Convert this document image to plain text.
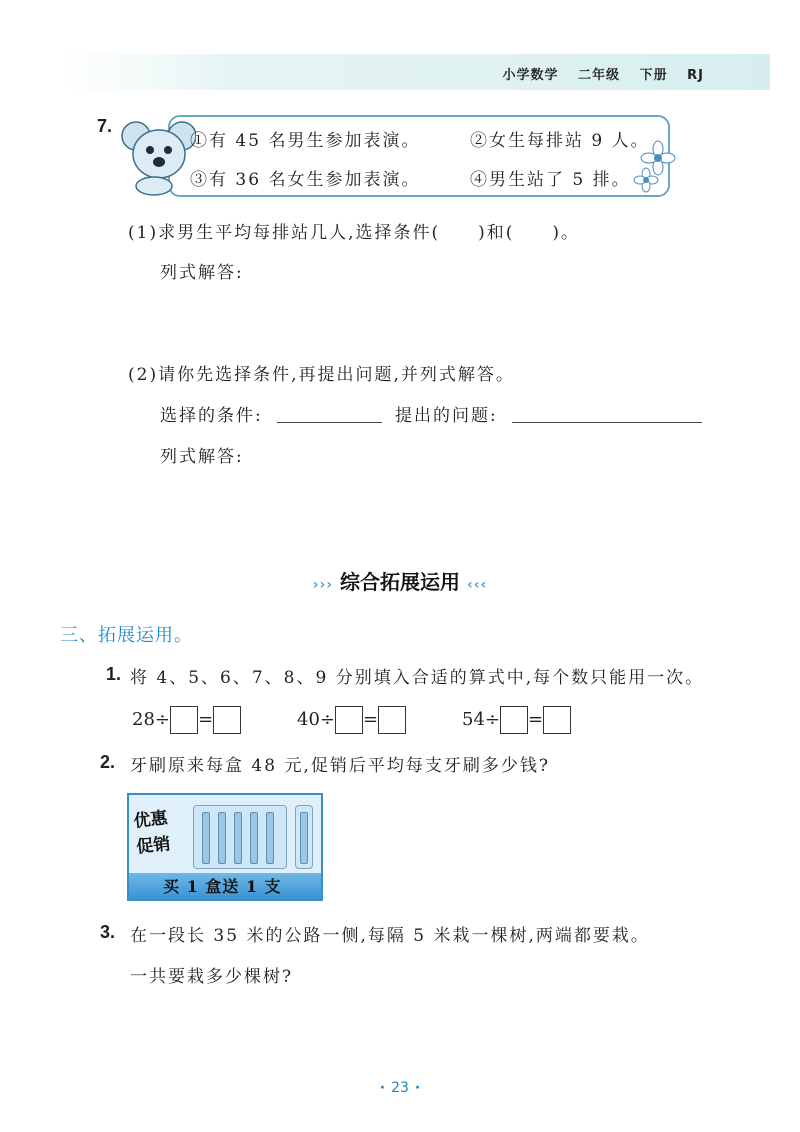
小学数学 二年级 下册 RJ
7.
①有 45 名男生参加表演。	②女生每排站 9 人。
③有 36 名女生参加表演。	④男生站了 5 排。
(1)求男生平均每排站几人,选择条件(　　)和(　　)。
列式解答:
(2)请你先选择条件,再提出问题,并列式解答。
选择的条件:	提出的问题:
列式解答:
››› 综合拓展运用 ‹‹‹
三、拓展运用。
1. 将 4、5、6、7、8、9 分别填入合适的算式中,每个数只能用一次。
28÷ =	40÷ =	54÷ =
2. 牙刷原来每盒 48 元,促销后平均每支牙刷多少钱?
优惠
促销
买 1 盒送 1 支
3. 在一段长 35 米的公路一侧,每隔 5 米栽一棵树,两端都要栽。
一共要栽多少棵树?
· 23 ·
